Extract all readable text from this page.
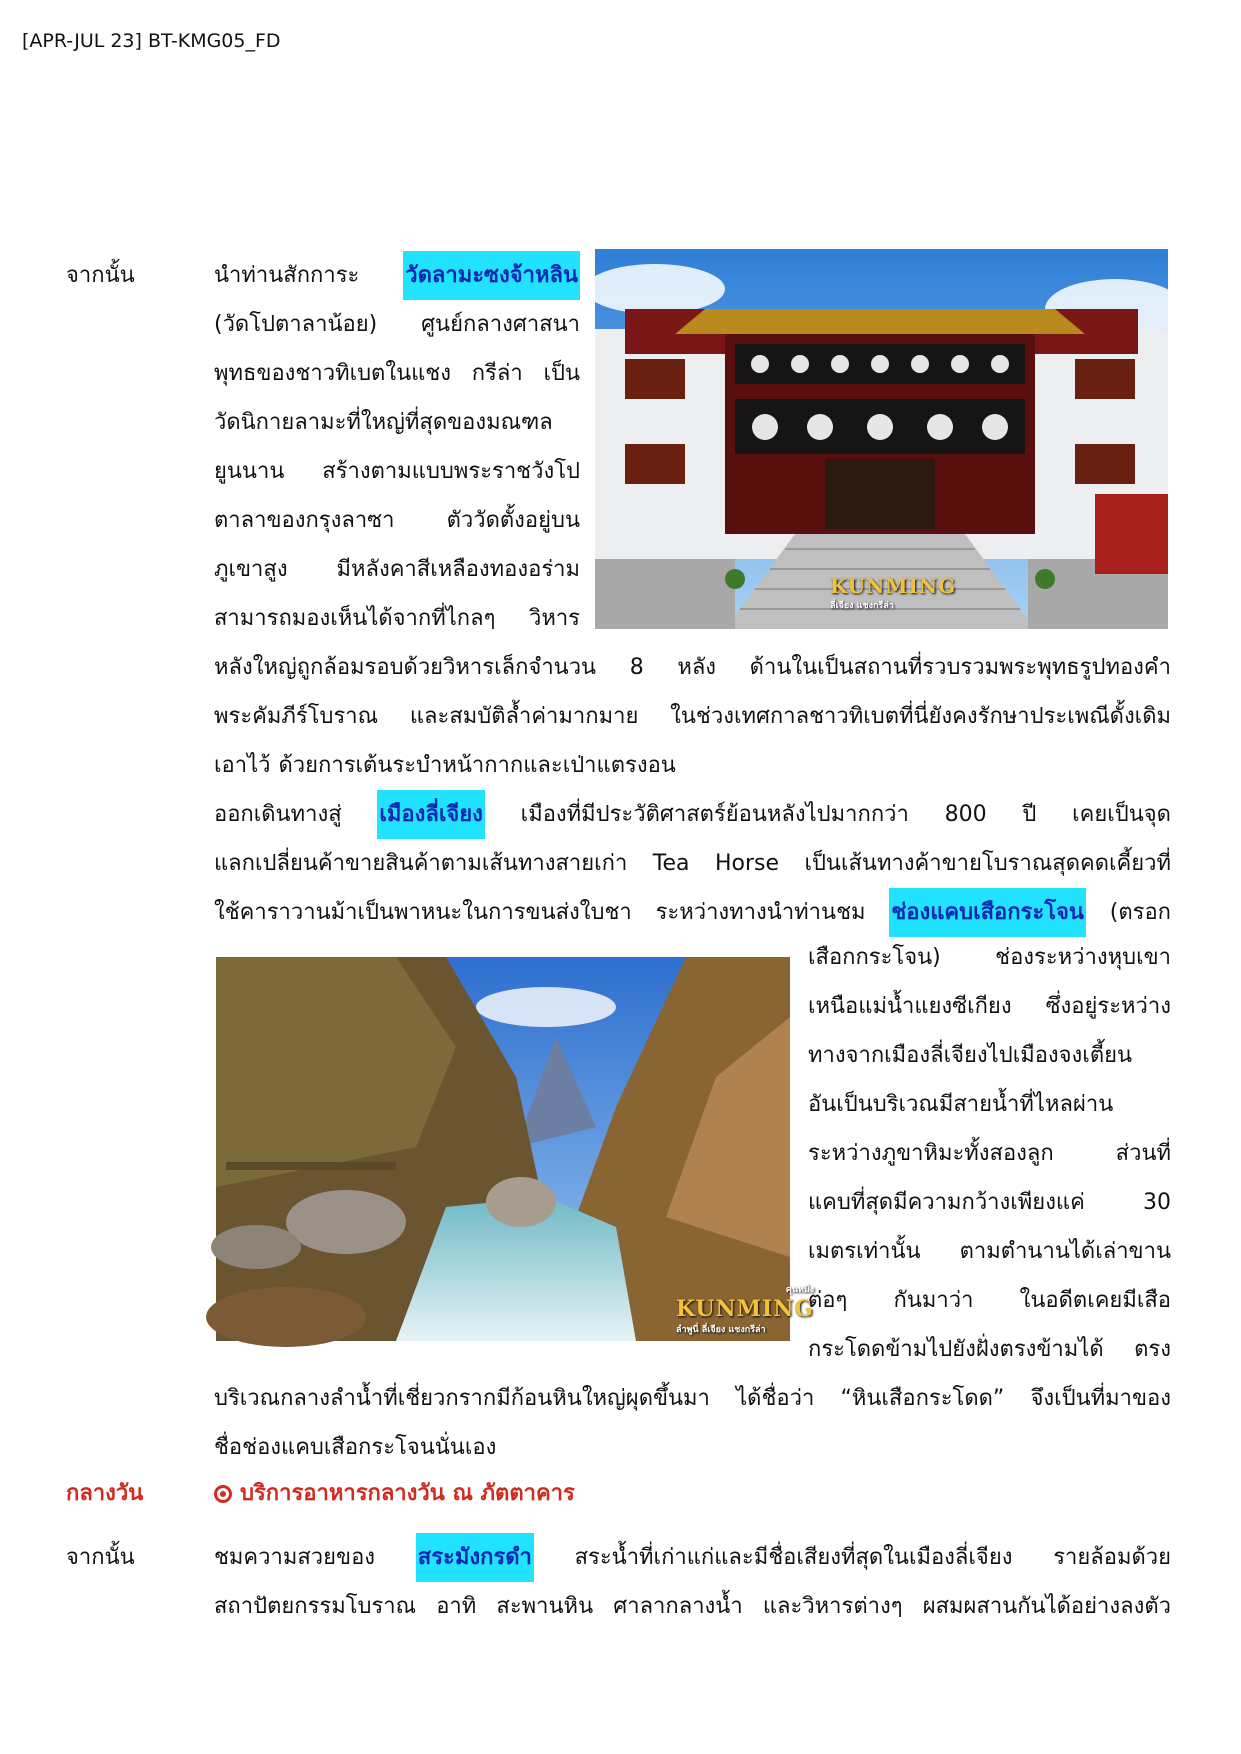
[APR-JUL 23] BT-KMG05_FD
จากนั้น	นำท่านสักการะ วัดลามะซงจ้าหลิน
(วัดโปตาลาน้อย) ศูนย์กลางศาสนา
พุทธของชาวทิเบตในแชง กรีล่า เป็น
วัดนิกายลามะที่ใหญ่ที่สุดของมณฑล
ยูนนาน สร้างตามแบบพระราชวังโป
ตาลาของกรุงลาซา ตัววัดตั้งอยู่บน
ภูเขาสูง มีหลังคาสีเหลืองทองอร่าม
สามารถมองเห็นได้จากที่ไกลๆ วิหาร
KUNMING
ลี่เจียง แชงกรีล่า
หลังใหญ่ถูกล้อมรอบด้วยวิหารเล็กจำนวน 8 หลัง ด้านในเป็นสถานที่รวบรวมพระพุทธรูปทองคำ
พระคัมภีร์โบราณ และสมบัติล้ำค่ามากมาย ในช่วงเทศกาลชาวทิเบตที่นี่ยังคงรักษาประเพณีดั้งเดิม
เอาไว้ ด้วยการเต้นระบำหน้ากากและเป่าแตรงอน
ออกเดินทางสู่ เมืองลี่เจียง เมืองที่มีประวัติศาสตร์ย้อนหลังไปมากกว่า 800 ปี เคยเป็นจุด
แลกเปลี่ยนค้าขายสินค้าตามเส้นทางสายเก่า Tea Horse เป็นเส้นทางค้าขายโบราณสุดคดเคี้ยวที่
ใช้คาราวานม้าเป็นพาหนะในการขนส่งใบชา ระหว่างทางนำท่านชม ช่องแคบเสือกระโจน (ตรอก
คุนหมิง
KUNMING
ลำพูนี่ ลี่เจียง แชงกรีล่า
เสือกกระโจน) ช่องระหว่างหุบเขา
เหนือแม่น้ำแยงซีเกียง ซึ่งอยู่ระหว่าง
ทางจากเมืองลี่เจียงไปเมืองจงเตี้ยน
อันเป็นบริเวณมีสายน้ำที่ไหลผ่าน
ระหว่างภูขาหิมะทั้งสองลูก	ส่วนที่
แคบที่สุดมีความกว้างเพียงแค่	30
เมตรเท่านั้น ตามตำนานได้เล่าขาน
ต่อๆ กันมาว่า ในอดีตเคยมีเสือ
กระโดดข้ามไปยังฝั่งตรงข้ามได้ ตรง
บริเวณกลางลำน้ำที่เชี่ยวกรากมีก้อนหินใหญ่ผุดขึ้นมา ได้ชื่อว่า “หินเสือกระโดด” จึงเป็นที่มาของ
ชื่อช่องแคบเสือกระโจนนั่นเอง
กลางวัน	บริการอาหารกลางวัน ณ ภัตตาคาร
จากนั้น	ชมความสวยของ สระมังกรดำ สระน้ำที่เก่าแก่และมีชื่อเสียงที่สุดในเมืองลี่เจียง รายล้อมด้วย
สถาปัตยกรรมโบราณ อาทิ สะพานหิน ศาลากลางน้ำ และวิหารต่างๆ ผสมผสานกันได้อย่างลงตัว
